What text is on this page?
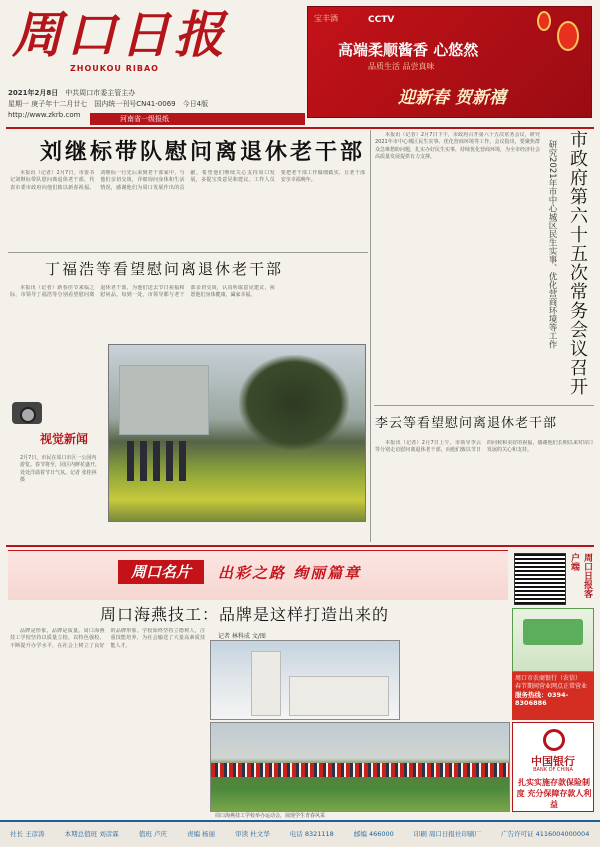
周口日报
ZHOUKOU RIBAO
2021年2月8日　 中共周口市委主管主办
星期一 庚子年十二月廿七　 国内统一刊号CN41-0069　 今日4版
http://www.zkrb.com	河南省一级报纸
宝丰酒	CCTV
高端柔顺酱香 心悠然
品质生活 品尝真味
迎新春 贺新禧
刘继标带队慰问离退休老干部

本报讯（记者）2月7日，市委书记刘继标带队慰问离退休老干部，代表市委市政府向他们致以新春祝福。刘继标一行先后来到老干部家中，与他们亲切交谈，详细询问身体和生活情况，感谢他们为周口发展作出的贡献，希望他们继续关心支持周口发展，多提宝贵意见和建议。工作人员要把老干部工作做细做实，让老干部安享幸福晚年。

丁福浩等看望慰问离退休老干部

本报讯（记者）新春佳节来临之际，市领导丁福浩等分别看望慰问离退休老干部，为他们送去节日祝福和慰问品。每到一处，市领导都与老干部亲切交谈，认真听取意见建议，祝愿他们身体健康、阖家幸福。

本报讯（记者）2月7日下午，市政府召开第六十五次常务会议，研究2021年市中心城区民生实事、优化营商环境等工作。会议指出，要聚焦群众急难愁盼问题，扎实办好民生实事，持续优化营商环境，为全市经济社会高质量发展提供有力支撑。	研究2021年市中心城区民生实事、优化营商环境等工作 市政府第六十五次常务会议召开
李云等看望慰问离退休老干部

本报讯（记者）2月7日上午，市领导李云等分别走访慰问离退休老干部，向他们致以节日的问候和美好的祝福，感谢他们长期以来对周口发展的关心和支持。

视觉新闻
2月7日，市民在周口市区一公园内游览。春节将至，园区内鲜花盛开，处处洋溢着节日气氛。记者 张桂林 摄
周口名片	出彩之路 绚丽篇章
周口海燕技工：品牌是这样打造出来的
记者 林科成 文/图

品牌是形象，品牌是质量。周口海燕技工学校坚持以质量立校、以特色强校，不断提升办学水平，在社会上树立了良好的品牌形象。学校始终坚持立德树人，注重技能培养，为社会输送了大量高素质技能人才。

周口海燕技工学校举办运动会，展现学生青春风采
周口日报客户端
周口市农商银行（农信）
春节期间营业网点正常营业
服务热线：0394-8306886
中国银行
BANK OF CHINA
扎实实施存款保险制度 充分保障存款人利益
社长 王彦涛	本期总值班 刘彦霖	值班 卢庆	责编 杨丽	审读 杜文华	电话 8321118	邮编 466000	印刷 周口日报社印刷厂	广告许可证 4116004000004
